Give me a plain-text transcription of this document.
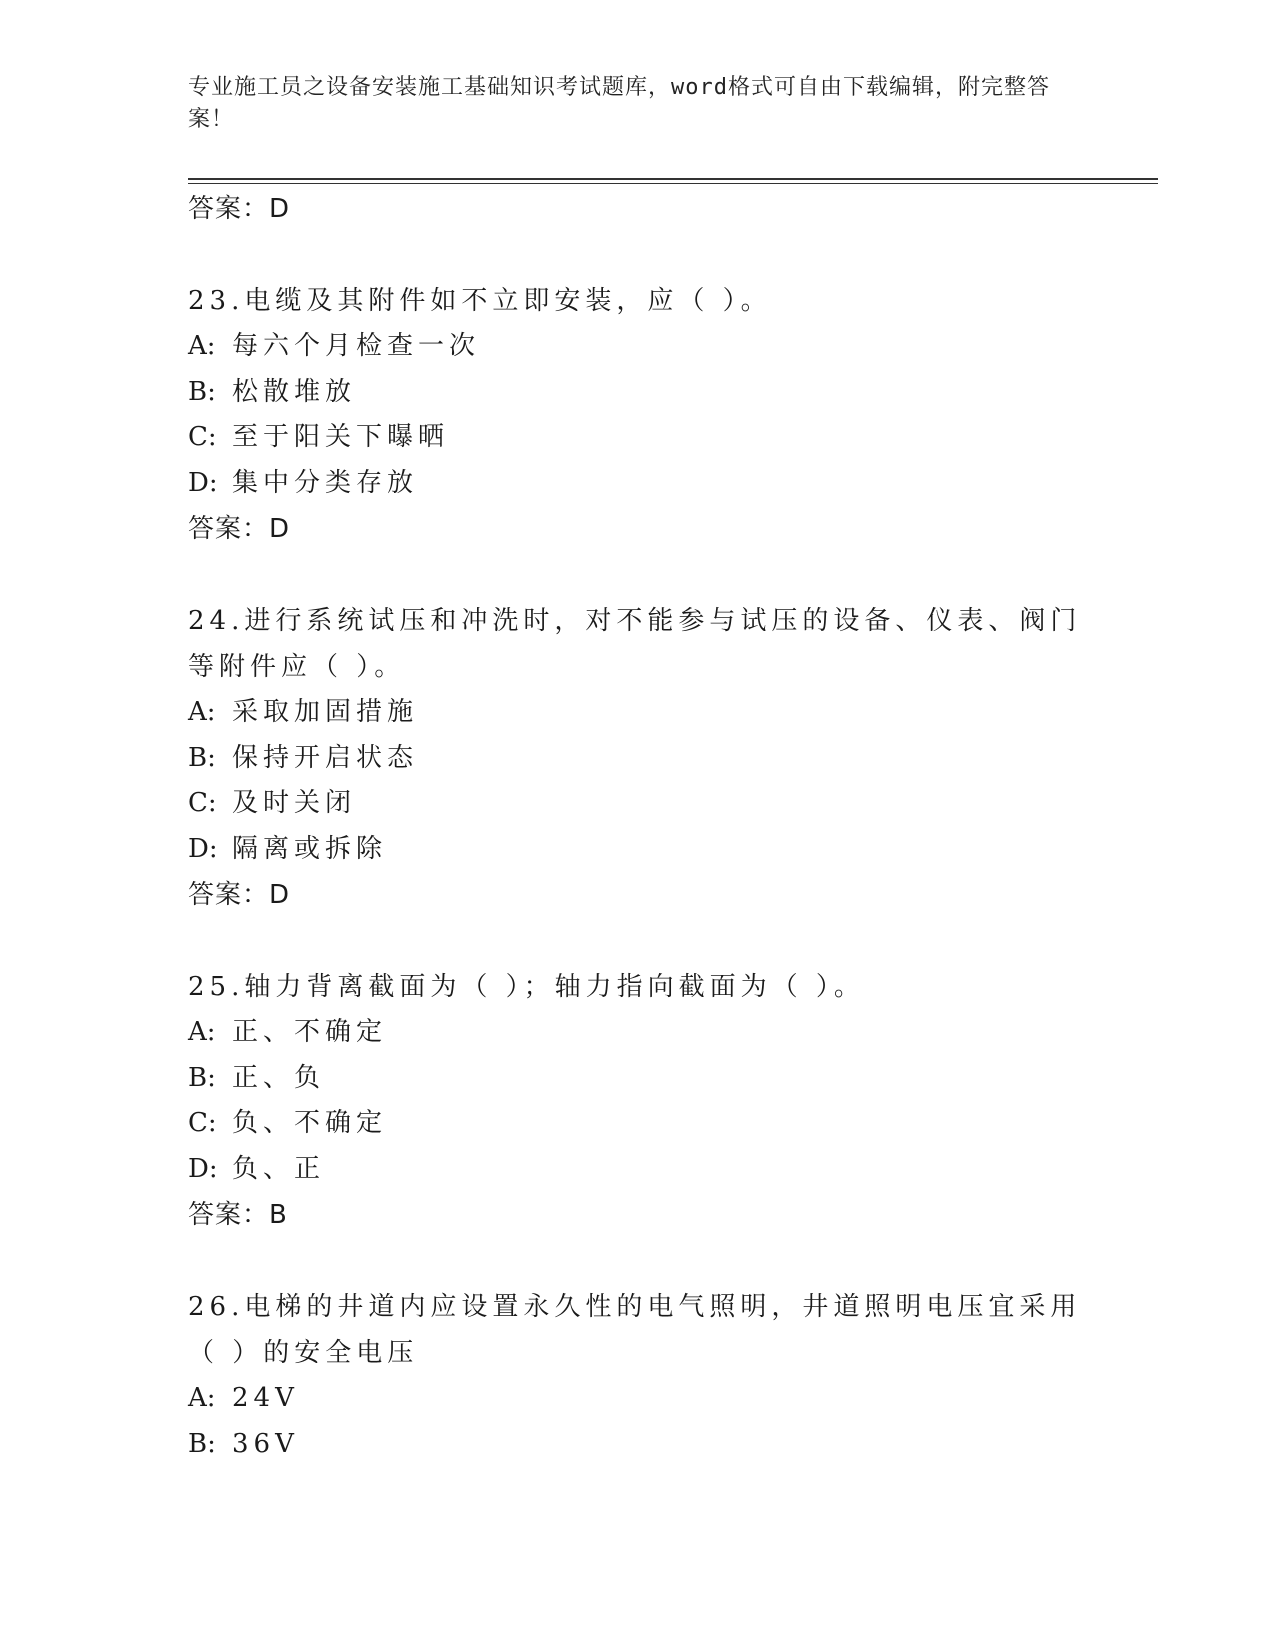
专业施工员之设备安装施工基础知识考试题库，word格式可自由下载编辑，附完整答案！
答案：D
23.电缆及其附件如不立即安装，应（ ）。
A: 每六个月检查一次
B: 松散堆放
C: 至于阳关下曝晒
D: 集中分类存放
答案：D
24.进行系统试压和冲洗时，对不能参与试压的设备、仪表、阀门等附件应（ ）。
A: 采取加固措施
B: 保持开启状态
C: 及时关闭
D: 隔离或拆除
答案：D
25.轴力背离截面为（ ）；轴力指向截面为（ ）。
A: 正、不确定
B: 正、负
C: 负、不确定
D: 负、正
答案：B
26.电梯的井道内应设置永久性的电气照明，井道照明电压宜采用（ ）的安全电压
A: 24V
B: 36V
